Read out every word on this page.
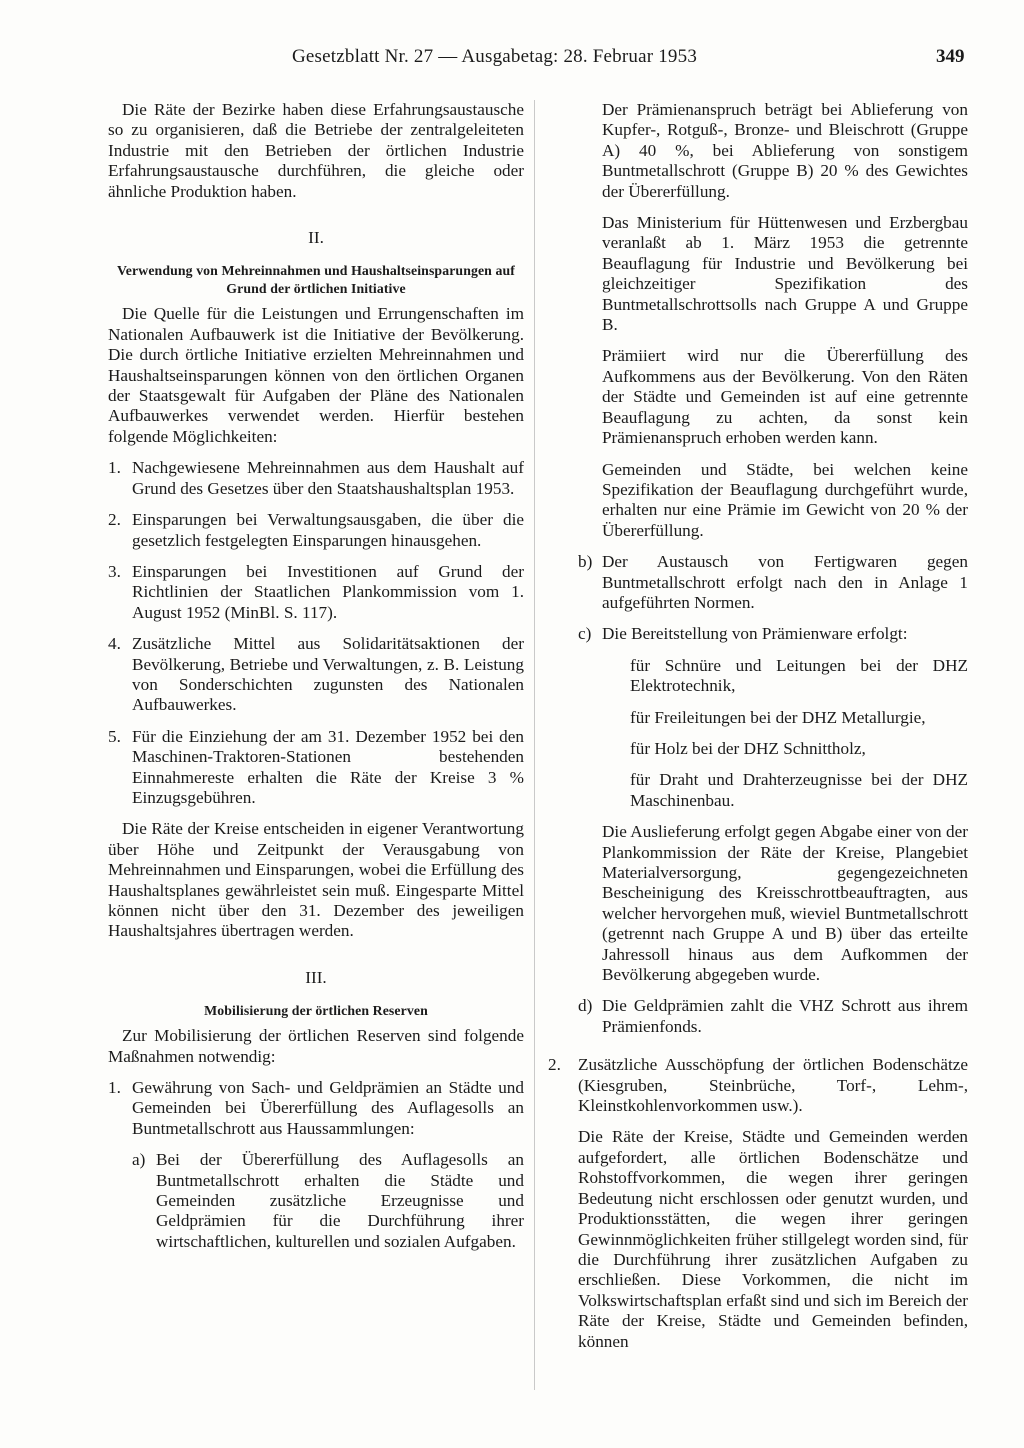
Gesetzblatt Nr. 27 — Ausgabetag: 28. Februar 1953	349

Die Räte der Bezirke haben diese Erfahrungsaustausche so zu organisieren, daß die Betriebe der zentralgeleiteten Industrie mit den Betrieben der örtlichen Industrie Erfahrungsaustausche durchführen, die gleiche oder ähnliche Produktion haben.

II.
Verwendung von Mehreinnahmen und Haushaltseinsparungen auf Grund der örtlichen Initiative

Die Quelle für die Leistungen und Errungenschaften im Nationalen Aufbauwerk ist die Initiative der Bevölkerung. Die durch örtliche Initiative erzielten Mehreinnahmen und Haushaltseinsparungen können von den örtlichen Organen der Staatsgewalt für Aufgaben der Pläne des Nationalen Aufbauwerkes verwendet werden. Hierfür bestehen folgende Möglichkeiten:

1. Nachgewiesene Mehreinnahmen aus dem Haushalt auf Grund des Gesetzes über den Staatshaushaltsplan 1953.

2. Einsparungen bei Verwaltungsausgaben, die über die gesetzlich festgelegten Einsparungen hinausgehen.

3. Einsparungen bei Investitionen auf Grund der Richtlinien der Staatlichen Plankommission vom 1. August 1952 (MinBl. S. 117).

4. Zusätzliche Mittel aus Solidaritätsaktionen der Bevölkerung, Betriebe und Verwaltungen, z. B. Leistung von Sonderschichten zugunsten des Nationalen Aufbauwerkes.

5. Für die Einziehung der am 31. Dezember 1952 bei den Maschinen-Traktoren-Stationen bestehenden Einnahmereste erhalten die Räte der Kreise 3 % Einzugsgebühren.

Die Räte der Kreise entscheiden in eigener Verantwortung über Höhe und Zeitpunkt der Verausgabung von Mehreinnahmen und Einsparungen, wobei die Erfüllung des Haushaltsplanes gewährleistet sein muß. Eingesparte Mittel können nicht über den 31. Dezember des jeweiligen Haushaltsjahres übertragen werden.

III.
Mobilisierung der örtlichen Reserven

Zur Mobilisierung der örtlichen Reserven sind folgende Maßnahmen notwendig:

1. Gewährung von Sach- und Geldprämien an Städte und Gemeinden bei Übererfüllung des Auflagesolls an Buntmetallschrott aus Haussammlungen:

a) Bei der Übererfüllung des Auflagesolls an Buntmetallschrott erhalten die Städte und Gemeinden zusätzliche Erzeugnisse und Geldprämien für die Durchführung ihrer wirtschaftlichen, kulturellen und sozialen Aufgaben.

Der Prämienanspruch beträgt bei Ablieferung von Kupfer-, Rotguß-, Bronze- und Bleischrott (Gruppe A) 40 %, bei Ablieferung von sonstigem Buntmetallschrott (Gruppe B) 20 % des Gewichtes der Übererfüllung.

Das Ministerium für Hüttenwesen und Erzbergbau veranlaßt ab 1. März 1953 die getrennte Beauflagung für Industrie und Bevölkerung bei gleichzeitiger Spezifikation des Buntmetallschrottsolls nach Gruppe A und Gruppe B.

Prämiiert wird nur die Übererfüllung des Aufkommens aus der Bevölkerung. Von den Räten der Städte und Gemeinden ist auf eine getrennte Beauflagung zu achten, da sonst kein Prämienanspruch erhoben werden kann.

Gemeinden und Städte, bei welchen keine Spezifikation der Beauflagung durchgeführt wurde, erhalten nur eine Prämie im Gewicht von 20 % der Übererfüllung.

b) Der Austausch von Fertigwaren gegen Buntmetallschrott erfolgt nach den in Anlage 1 aufgeführten Normen.

c) Die Bereitstellung von Prämienware erfolgt:

für Schnüre und Leitungen bei der DHZ Elektrotechnik,
für Freileitungen bei der DHZ Metallurgie,
für Holz bei der DHZ Schnittholz,
für Draht und Drahterzeugnisse bei der DHZ Maschinenbau.

Die Auslieferung erfolgt gegen Abgabe einer von der Plankommission der Räte der Kreise, Plangebiet Materialversorgung, gegengezeichneten Bescheinigung des Kreisschrottbeauftragten, aus welcher hervorgehen muß, wieviel Buntmetallschrott (getrennt nach Gruppe A und B) über das erteilte Jahressoll hinaus aus dem Aufkommen der Bevölkerung abgegeben wurde.

d) Die Geldprämien zahlt die VHZ Schrott aus ihrem Prämienfonds.

2. Zusätzliche Ausschöpfung der örtlichen Bodenschätze (Kiesgruben, Steinbrüche, Torf-, Lehm-, Kleinstkohlenvorkommen usw.).

Die Räte der Kreise, Städte und Gemeinden werden aufgefordert, alle örtlichen Bodenschätze und Rohstoffvorkommen, die wegen ihrer geringen Bedeutung nicht erschlossen oder genutzt wurden, und Produktionsstätten, die wegen ihrer geringen Gewinnmöglichkeiten früher stillgelegt worden sind, für die Durchführung ihrer zusätzlichen Aufgaben zu erschließen. Diese Vorkommen, die nicht im Volkswirtschaftsplan erfaßt sind und sich im Bereich der Räte der Kreise, Städte und Gemeinden befinden, können
